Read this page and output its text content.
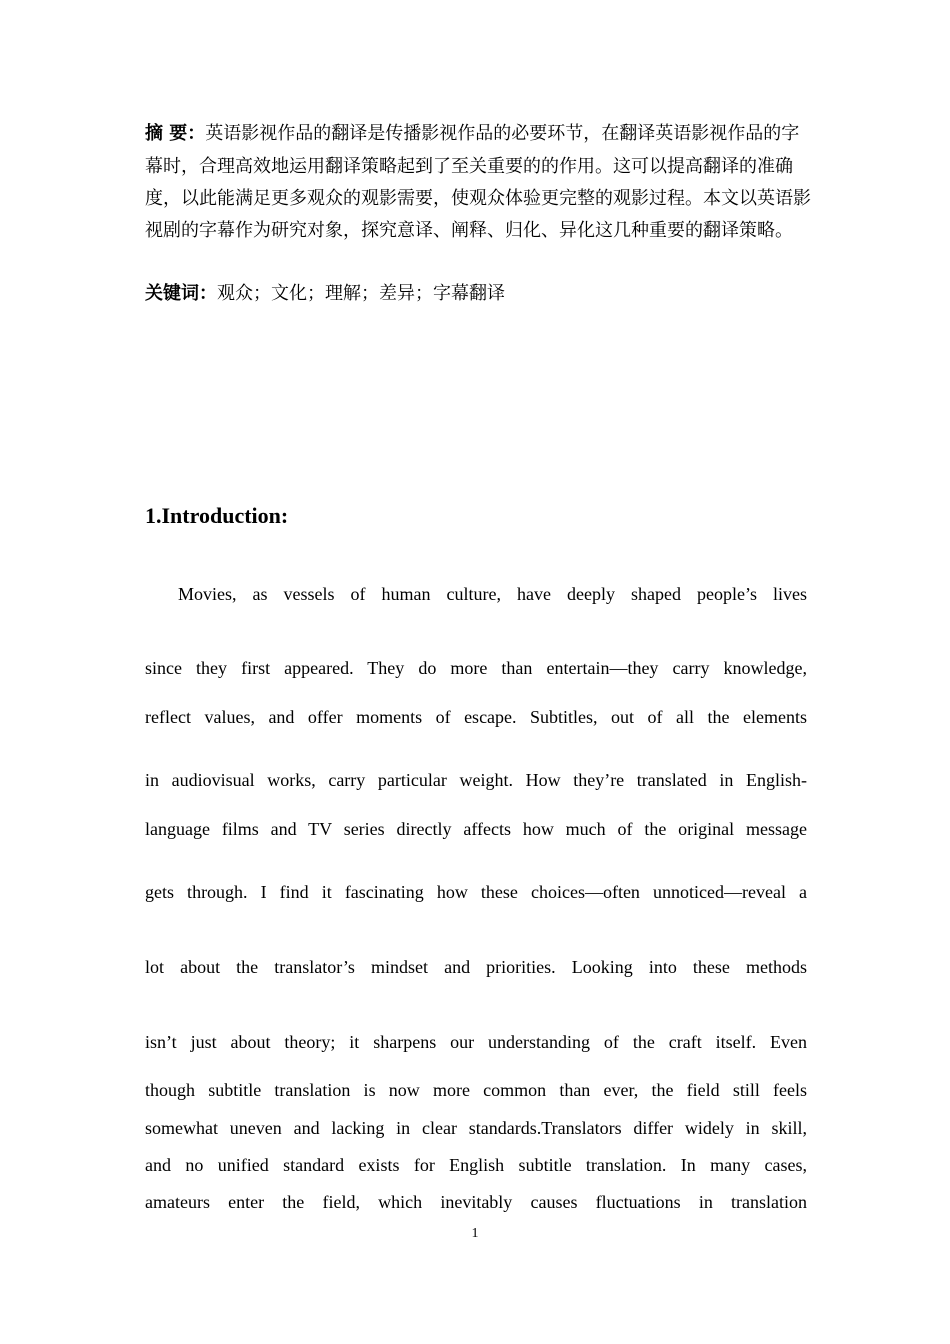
摘 要：英语影视作品的翻译是传播影视作品的必要环节，在翻译英语影视作品的字幕时，合理高效地运用翻译策略起到了至关重要的的作用。这可以提高翻译的准确度，以此能满足更多观众的观影需要，使观众体验更完整的观影过程。本文以英语影视剧的字幕作为研究对象，探究意译、阐释、归化、异化这几种重要的翻译策略。

关键词：观众；文化；理解；差异；字幕翻译

1.Introduction:
Movies, as vessels of human culture, have deeply shaped people’s lives
since they first appeared. They do more than entertain—they carry knowledge,
reflect values, and offer moments of escape. Subtitles, out of all the elements
in audiovisual works, carry particular weight. How they’re translated in English-
language films and TV series directly affects how much of the original message
gets through. I find it fascinating how these choices—often unnoticed—reveal a
lot about the translator’s mindset and priorities. Looking into these methods
isn’t just about theory; it sharpens our understanding of the craft itself. Even
though subtitle translation is now more common than ever, the field still feels
somewhat uneven and lacking in clear standards.Translators differ widely in skill,
and no unified standard exists for English subtitle translation. In many cases,
amateurs enter the field, which inevitably causes fluctuations in translation
1
